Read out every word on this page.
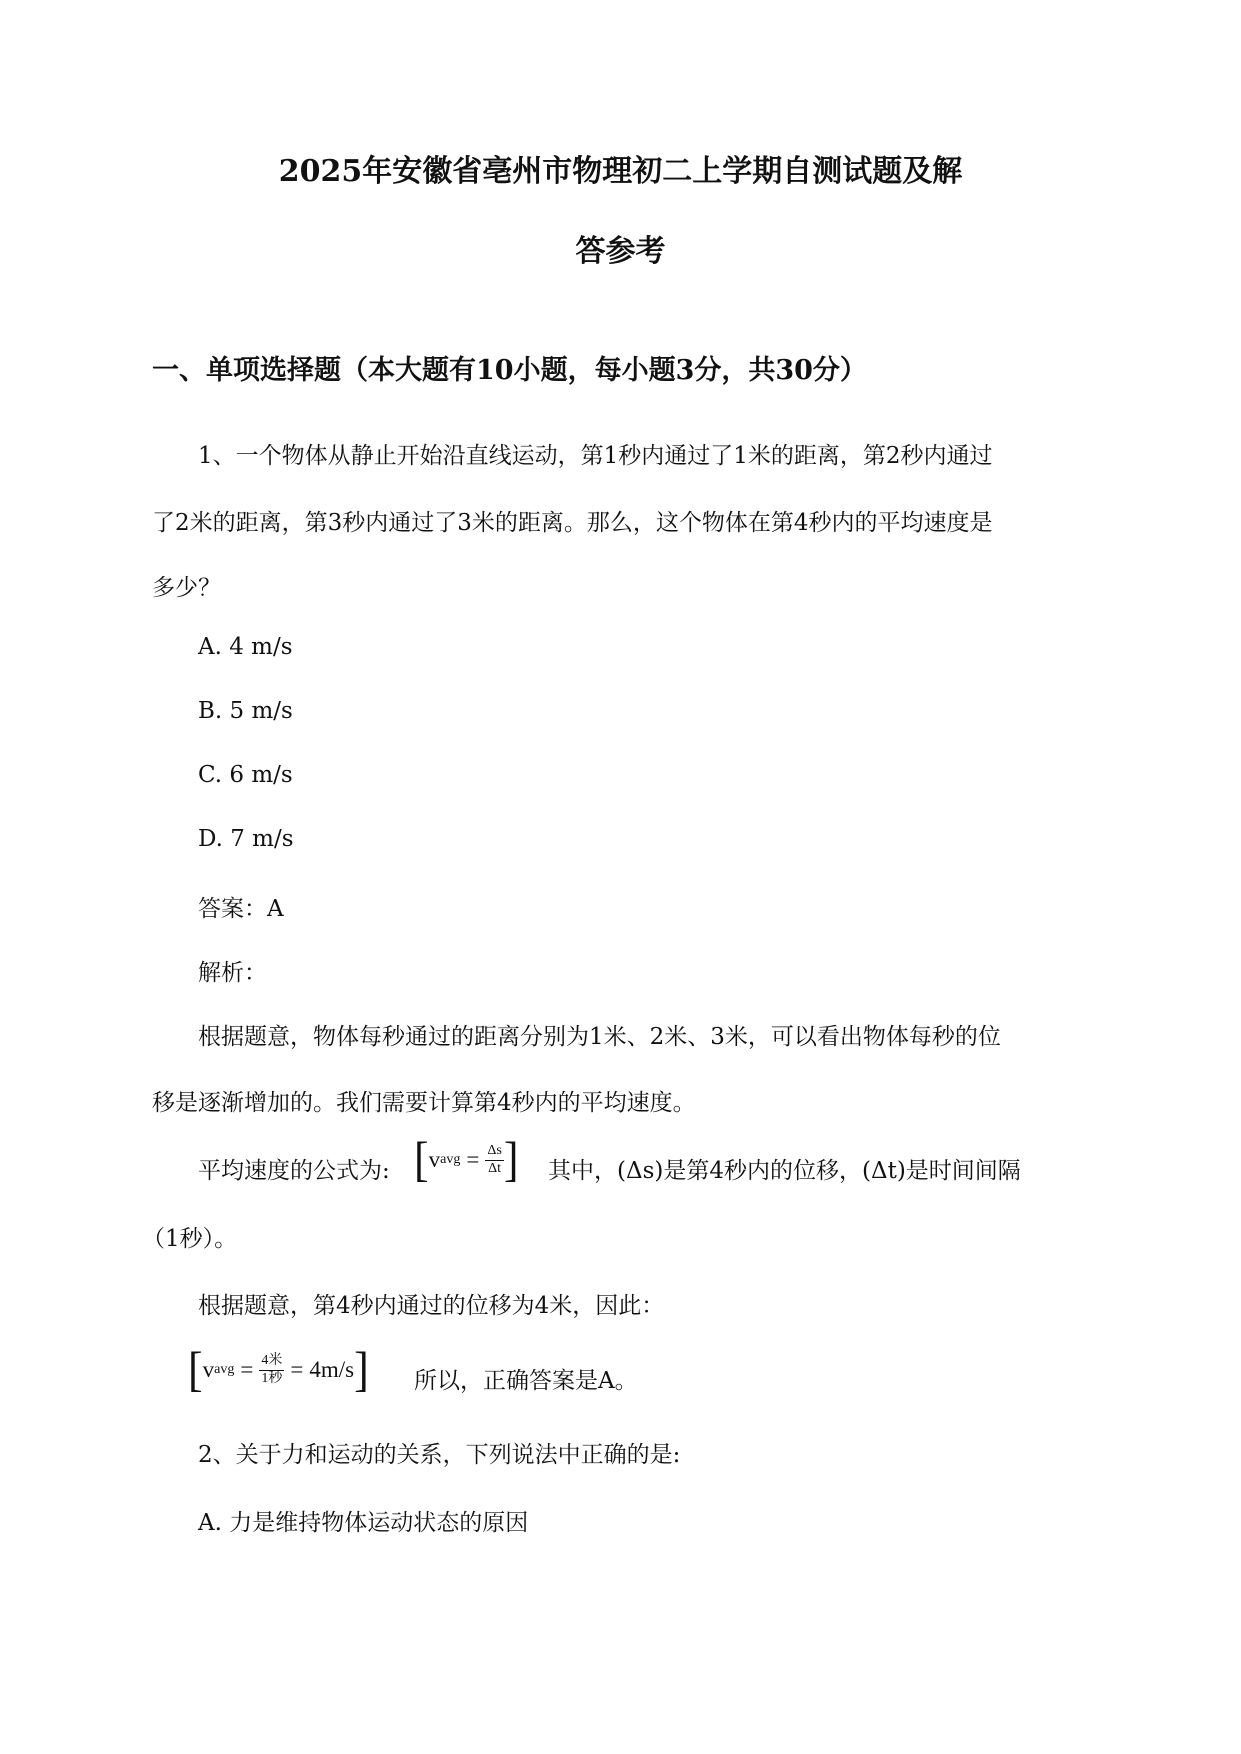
2025年安徽省亳州市物理初二上学期自测试题及解
答参考
一、单项选择题（本大题有10小题，每小题3分，共30分）
1、一个物体从静止开始沿直线运动，第1秒内通过了1米的距离，第2秒内通过
了2米的距离，第3秒内通过了3米的距离。那么，这个物体在第4秒内的平均速度是
多少？
A. 4 m/s
B. 5 m/s
C. 6 m/s
D. 7 m/s
答案：A
解析：
根据题意，物体每秒通过的距离分别为1米、2米、3米，可以看出物体每秒的位
移是逐渐增加的。我们需要计算第4秒内的平均速度。
平均速度的公式为: [ v avg = $\frac{\Delta s}{\Delta t}$ ] 其中，(Δs)是第4秒内的位移，(Δt)是时间间隔
（1秒）。
根据题意，第4秒内通过的位移为4米，因此：
[ v avg = $\frac{\text{4米}}{\text{1秒}} = 4m/s$ ] 所以，正确答案是A。
2、关于力和运动的关系，下列说法中正确的是:
A. 力是维持物体运动状态的原因
